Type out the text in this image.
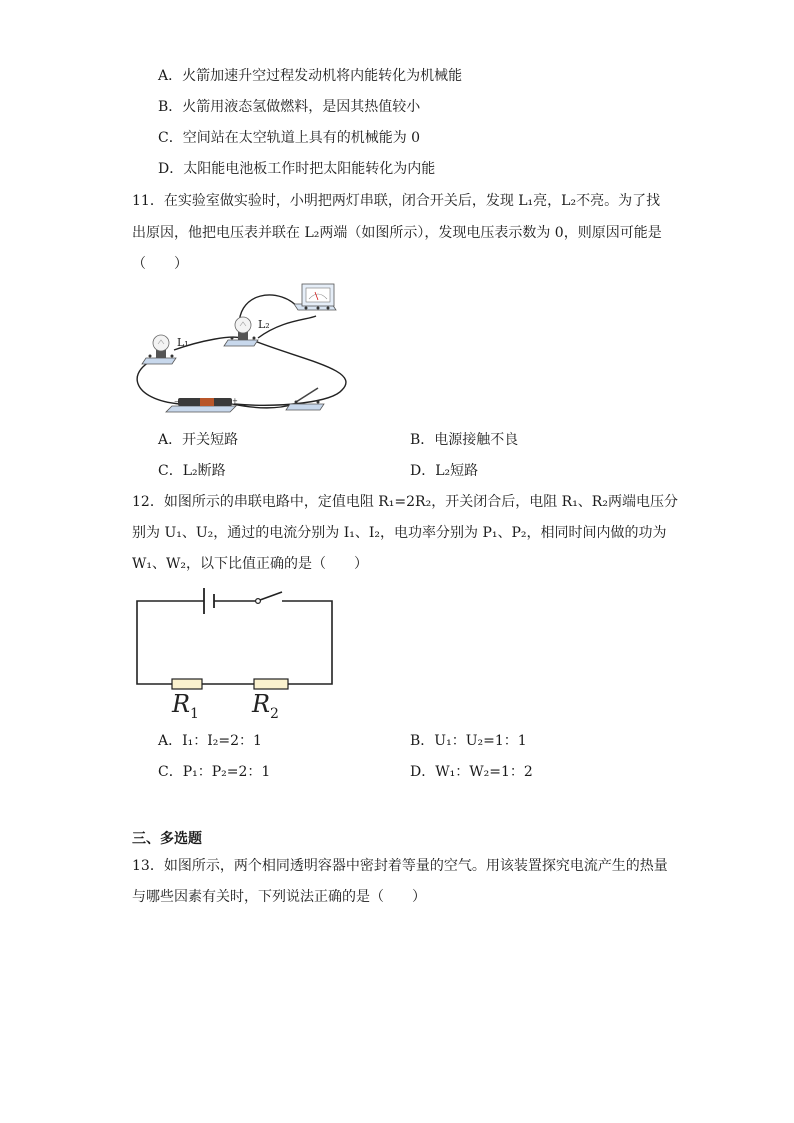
A．火箭加速升空过程发动机将内能转化为机械能
B．火箭用液态氢做燃料，是因其热值较小
C．空间站在太空轨道上具有的机械能为 0
D．太阳能电池板工作时把太阳能转化为内能
11．在实验室做实验时，小明把两灯串联，闭合开关后，发现 L₁亮，L₂不亮。为了找
出原因，他把电压表并联在 L₂两端（如图所示），发现电压表示数为 0，则原因可能是
（　　）
L₁
L₂
−	+
A．开关短路	B．电源接触不良
C．L₂断路	D．L₂短路
12．如图所示的串联电路中，定值电阻 R₁=2R₂，开关闭合后，电阻 R₁、R₂两端电压分
别为 U₁、U₂，通过的电流分别为 I₁、I₂，电功率分别为 P₁、P₂，相同时间内做的功为
W₁、W₂，以下比值正确的是（　　）
R 1 R 2
A．I₁：I₂=2：1	B．U₁：U₂=1：1
C．P₁：P₂=2：1	D．W₁：W₂=1：2
三、多选题
13．如图所示，两个相同透明容器中密封着等量的空气。用该装置探究电流产生的热量
与哪些因素有关时，下列说法正确的是（　　）
